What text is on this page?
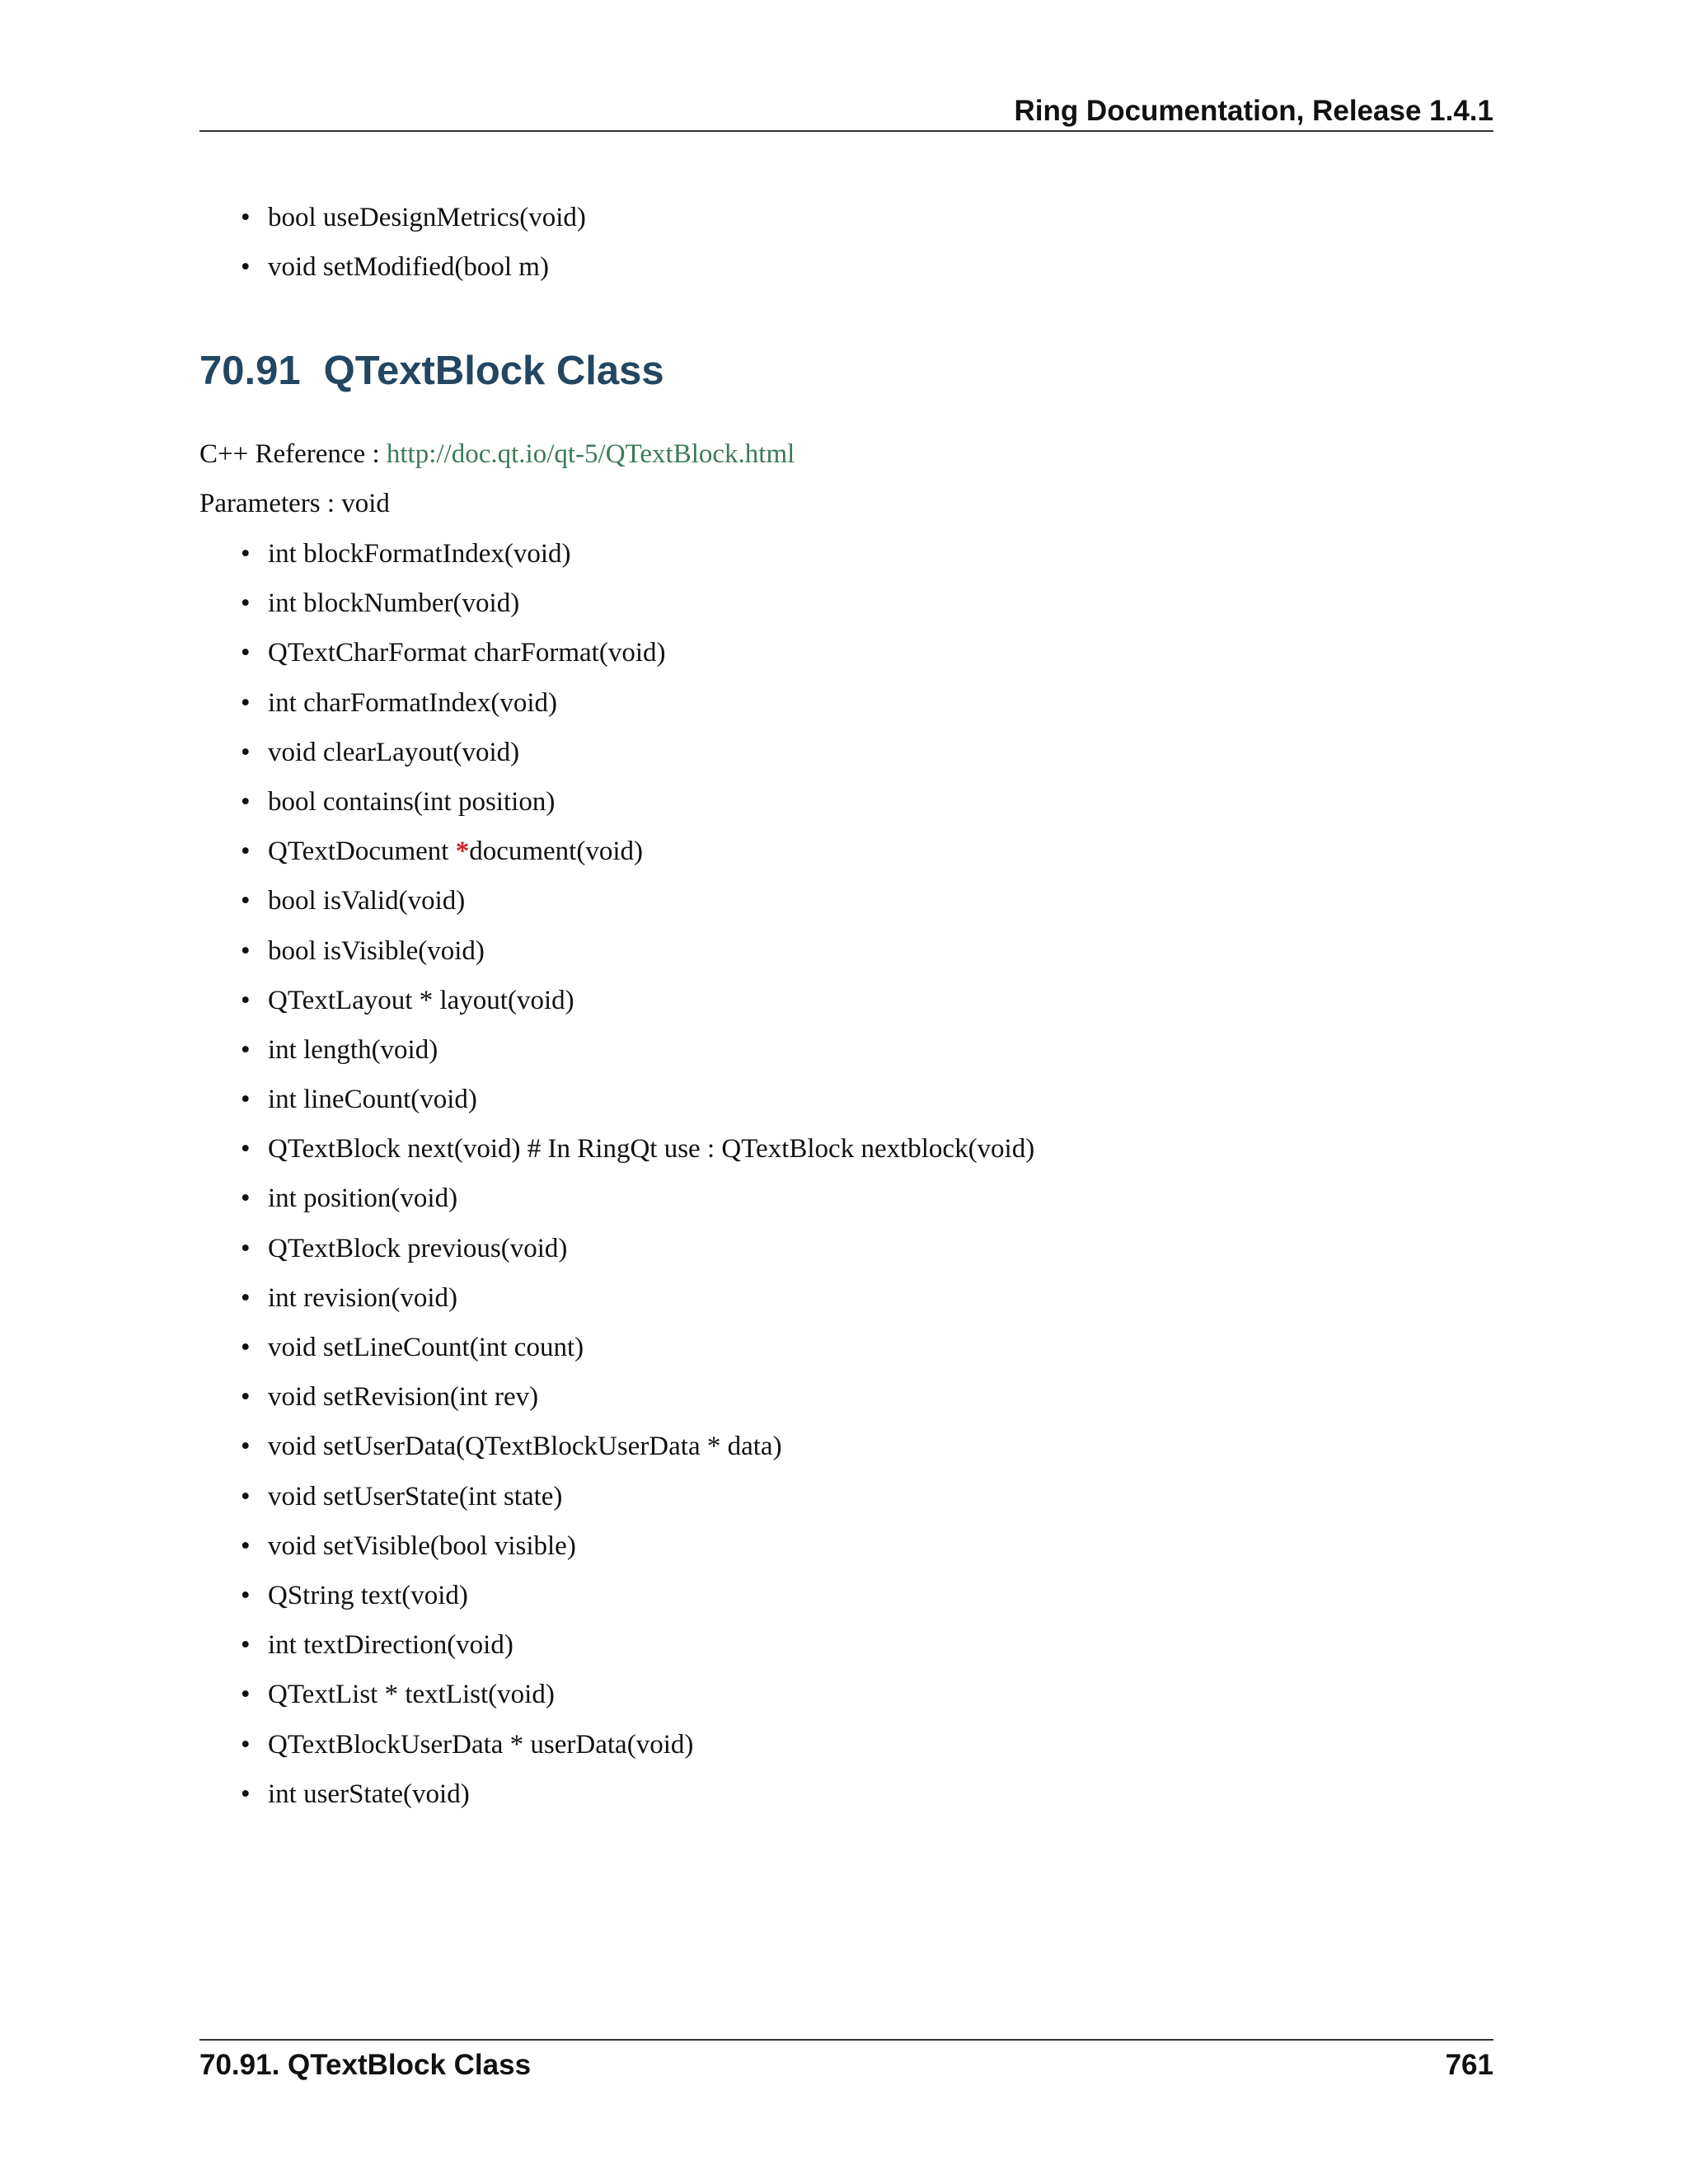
Ring Documentation, Release 1.4.1
• bool useDesignMetrics(void)
• void setModified(bool m)
70.91 QTextBlock Class
C++ Reference : http://doc.qt.io/qt-5/QTextBlock.html
Parameters : void
• int blockFormatIndex(void)
• int blockNumber(void)
• QTextCharFormat charFormat(void)
• int charFormatIndex(void)
• void clearLayout(void)
• bool contains(int position)
• QTextDocument *document(void)
• bool isValid(void)
• bool isVisible(void)
• QTextLayout * layout(void)
• int length(void)
• int lineCount(void)
• QTextBlock next(void) # In RingQt use : QTextBlock nextblock(void)
• int position(void)
• QTextBlock previous(void)
• int revision(void)
• void setLineCount(int count)
• void setRevision(int rev)
• void setUserData(QTextBlockUserData * data)
• void setUserState(int state)
• void setVisible(bool visible)
• QString text(void)
• int textDirection(void)
• QTextList * textList(void)
• QTextBlockUserData * userData(void)
• int userState(void)
70.91. QTextBlock Class	761
